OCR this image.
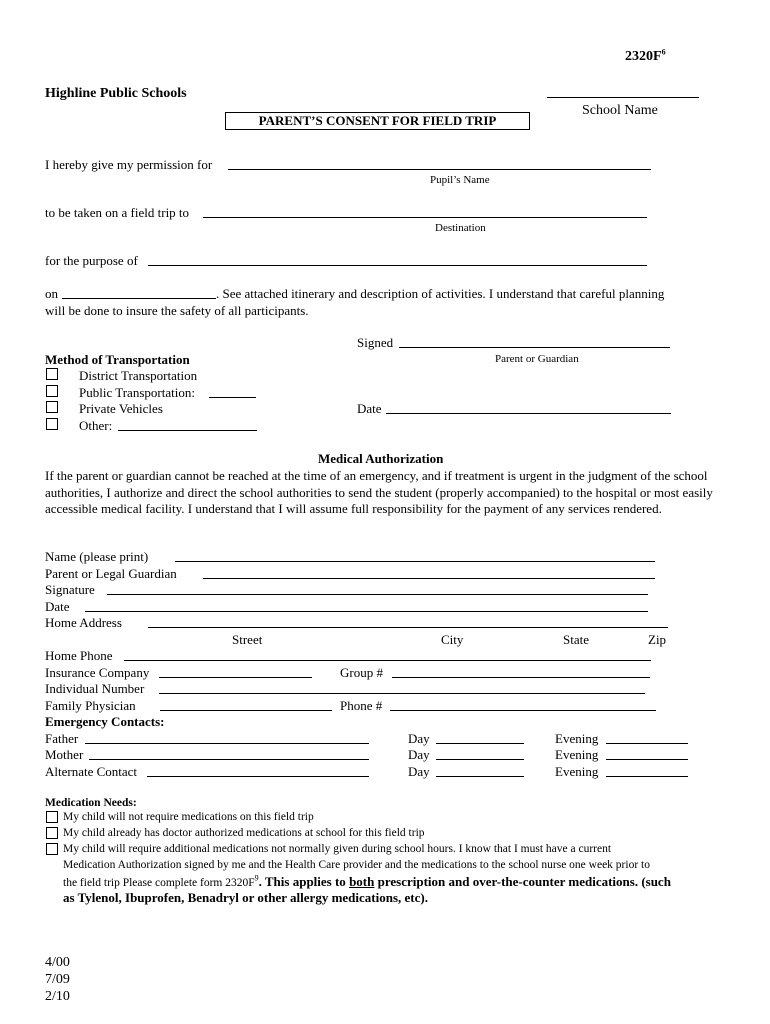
$2320F^6$
Highline Public Schools
School Name
PARENT’S CONSENT FOR FIELD TRIP
I hereby give my permission for
Pupil’s Name
to be taken on a field trip to
Destination
for the purpose of
on	. See attached itinerary and description of activities. I understand that careful planning
will be done to insure the safety of all participants.
Signed
Parent or Guardian
Date
Method of Transportation
District Transportation
Public Transportation:
Private Vehicles
Other:
Medical Authorization
If the parent or guardian cannot be reached at the time of an emergency, and if treatment is urgent in the judgment of the school authorities, I authorize and direct the school authorities to send the student (properly accompanied) to the hospital or most easily accessible medical facility. I understand that I will assume full responsibility for the payment of any services rendered.
Name (please print)
Parent or Legal Guardian
Signature
Date
Home Address
Street	City	State	Zip
Home Phone
Insurance Company	Group #
Individual Number
Family Physician	Phone #
Emergency Contacts:
Father	Day	Evening
Mother	Day	Evening
Alternate Contact	Day	Evening
Medication Needs:
My child will not require medications on this field trip
My child already has doctor authorized medications at school for this field trip
My child will require additional medications not normally given during school hours. I know that I must have a current
Medication Authorization signed by me and the Health Care provider and the medications to the school nurse one week prior to
the field trip Please complete form $2320F^9$. This applies to both prescription and over-the-counter medications. (such
as Tylenol, Ibuprofen, Benadryl or other allergy medications, etc).
4/00
7/09
2/10
